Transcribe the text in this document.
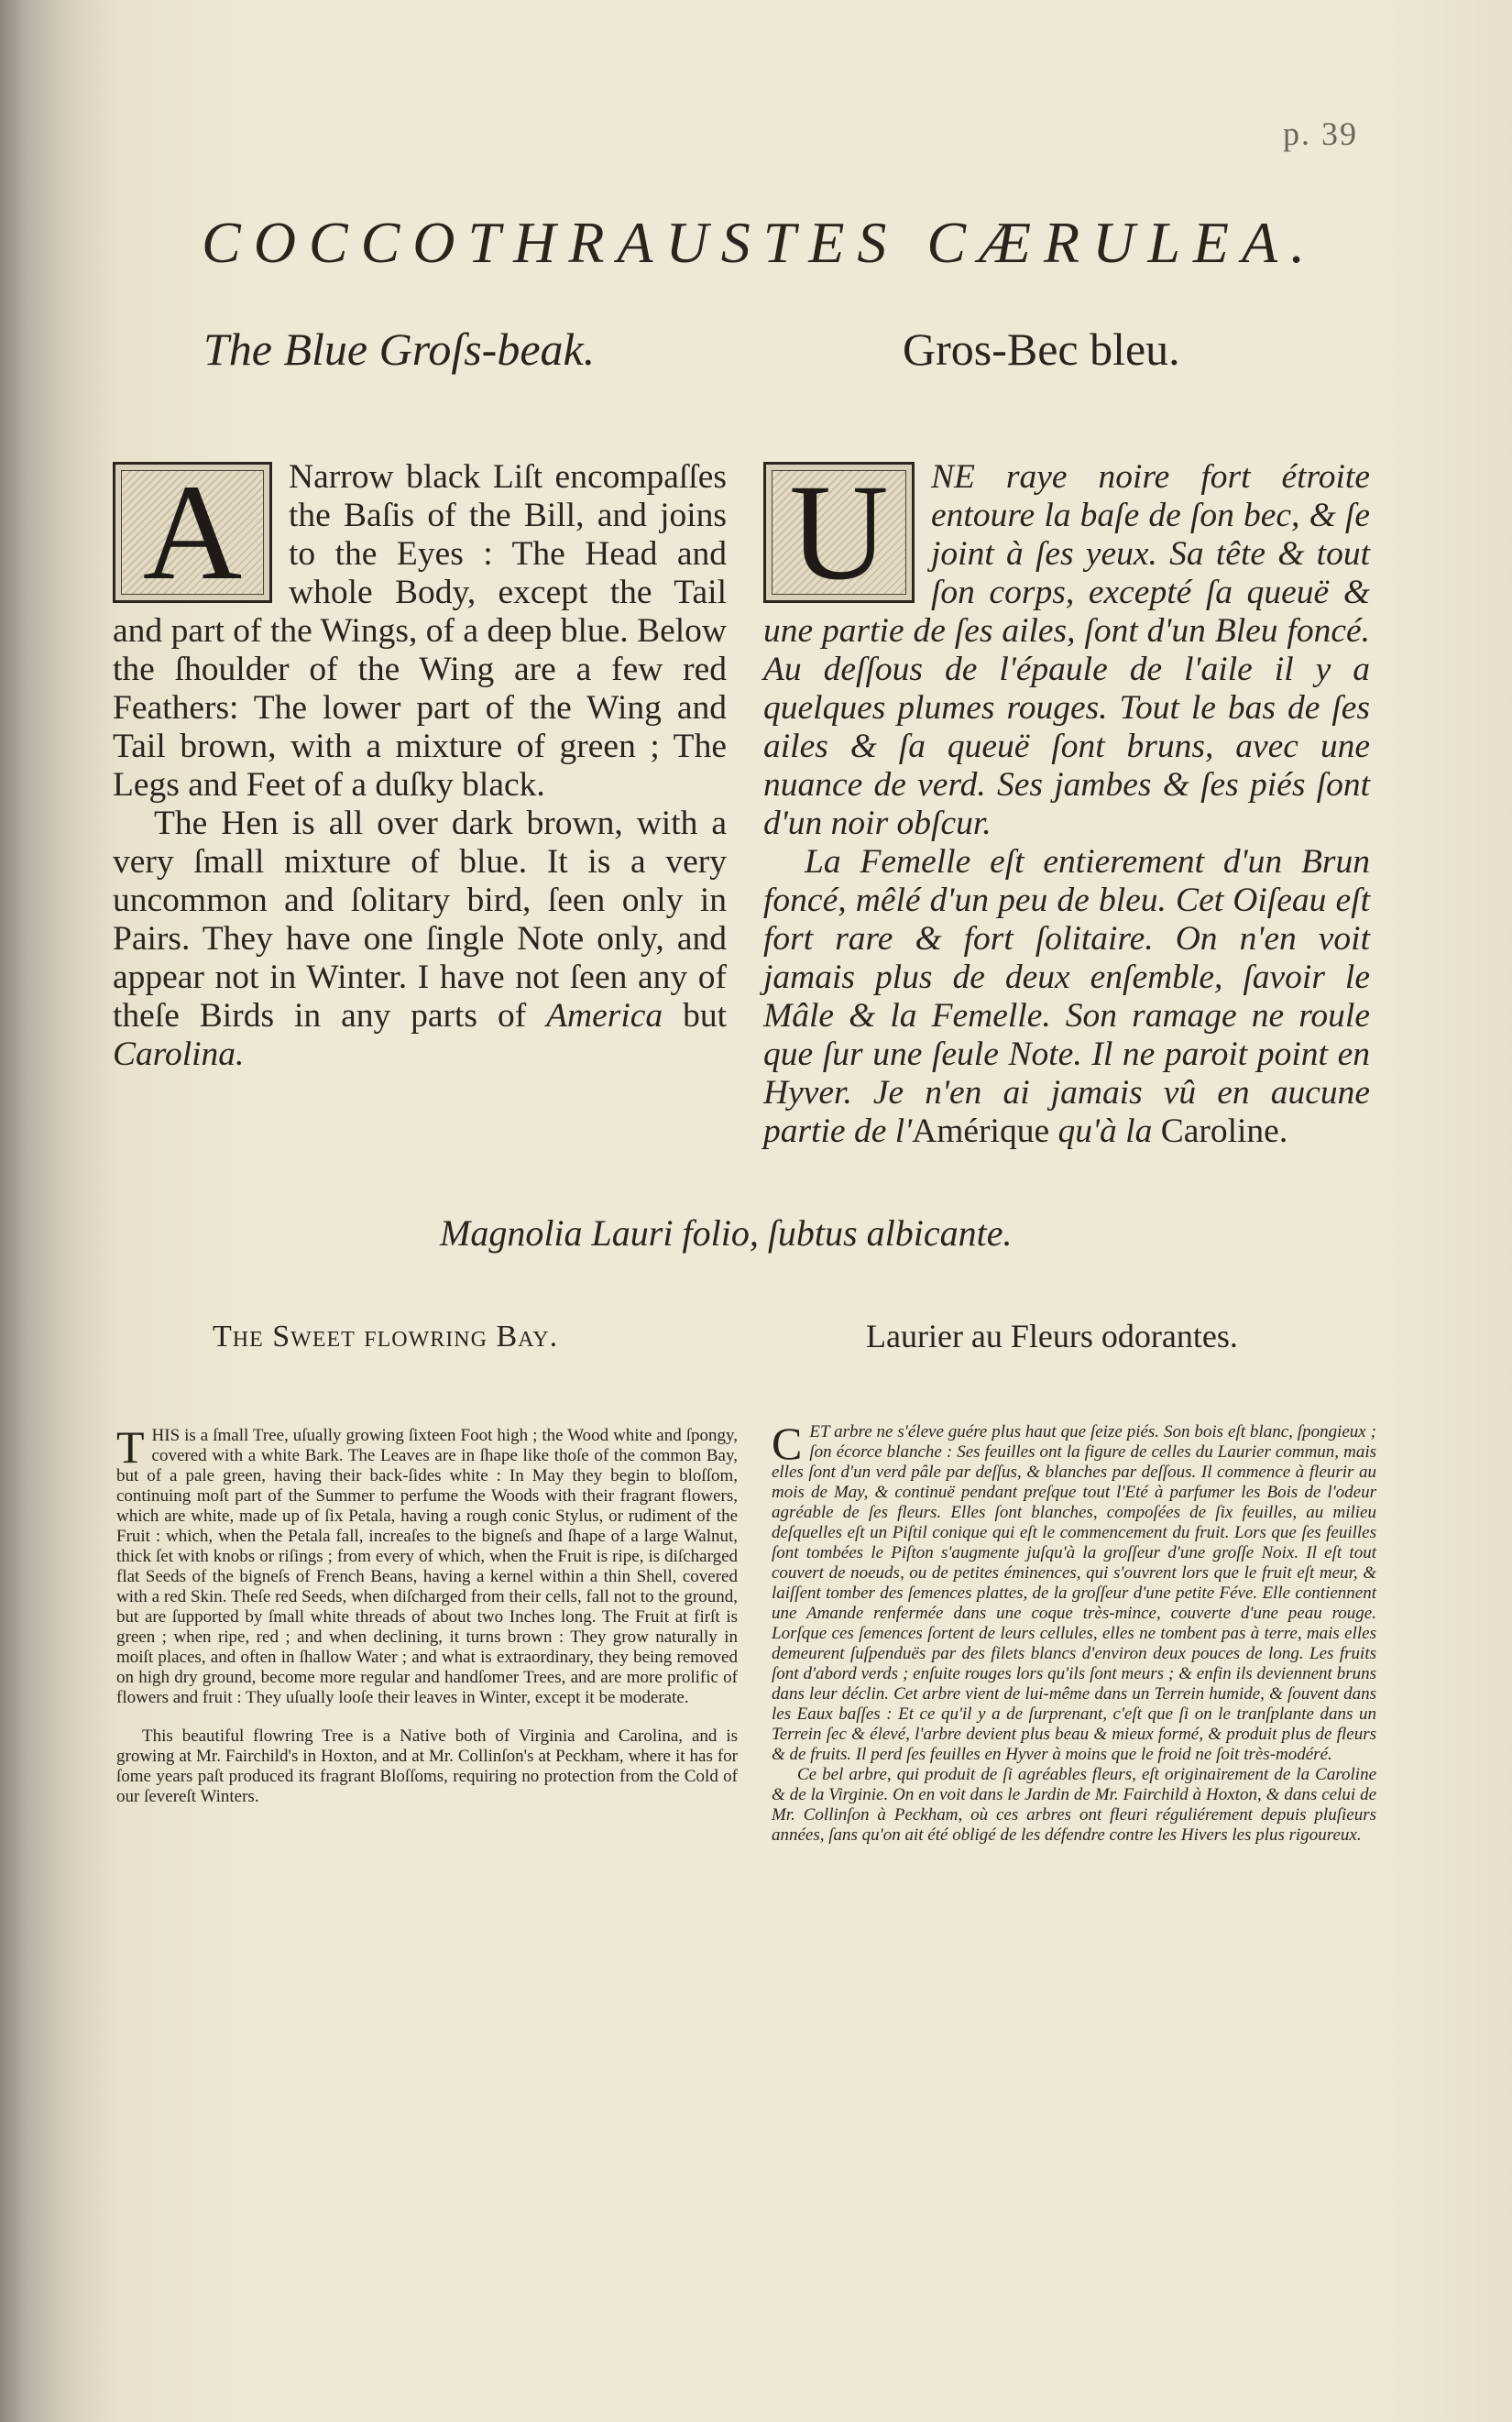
p. 39
COCCOTHRAUSTES CÆRULEA.
The Blue Groſs-beak.	Gros-Bec bleu.
A	Narrow black Liſt encompaſſes the Baſis of the Bill, and joins to the Eyes : The Head and whole Body, except the Tail and part of the Wings, of a deep blue. Below the ſhoulder of the Wing are a few red Feathers: The lower part of the Wing and Tail brown, with a mixture of green ; The Legs and Feet of a duſky black.

The Hen is all over dark brown, with a very ſmall mixture of blue. It is a very uncommon and ſolitary bird, ſeen only in Pairs. They have one ſingle Note only, and appear not in Winter. I have not ſeen any of theſe Birds in any parts of America but Carolina.

U	NE raye noire fort étroite entoure la baſe de ſon bec, & ſe joint à ſes yeux. Sa tête & tout ſon corps, excepté ſa queuë & une partie de ſes ailes, ſont d'un Bleu foncé. Au deſſous de l'épaule de l'aile il y a quelques plumes rouges. Tout le bas de ſes ailes & ſa queuë ſont bruns, avec une nuance de verd. Ses jambes & ſes piés ſont d'un noir obſcur.

La Femelle eſt entierement d'un Brun foncé, mêlé d'un peu de bleu. Cet Oiſeau eſt fort rare & fort ſolitaire. On n'en voit jamais plus de deux enſemble, ſavoir le Mâle & la Femelle. Son ramage ne roule que ſur une ſeule Note. Il ne paroit point en Hyver. Je n'en ai jamais vû en aucune partie de l'Amérique qu'à la Caroline.

Magnolia Lauri folio, ſubtus albicante.
The Sweet flowring Bay.	Laurier au Fleurs odorantes.
T HIS is a ſmall Tree, uſually growing ſixteen Foot high ; the Wood white and ſpongy, covered with a white Bark. The Leaves are in ſhape like thoſe of the common Bay, but of a pale green, having their back-ſides white : In May they begin to bloſſom, continuing moſt part of the Summer to perfume the Woods with their fragrant flowers, which are white, made up of ſix Petala, having a rough conic Stylus, or rudiment of the Fruit : which, when the Petala fall, increaſes to the bigneſs and ſhape of a large Walnut, thick ſet with knobs or riſings ; from every of which, when the Fruit is ripe, is diſcharged flat Seeds of the bigneſs of French Beans, having a kernel within a thin Shell, covered with a red Skin. Theſe red Seeds, when diſcharged from their cells, fall not to the ground, but are ſupported by ſmall white threads of about two Inches long. The Fruit at firſt is green ; when ripe, red ; and when declining, it turns brown : They grow naturally in moiſt places, and often in ſhallow Water ; and what is extraordinary, they being removed on high dry ground, become more regular and handſomer Trees, and are more prolific of flowers and fruit : They uſually looſe their leaves in Winter, except it be moderate.

This beautiful flowring Tree is a Native both of Virginia and Carolina, and is growing at Mr. Fairchild's in Hoxton, and at Mr. Collinſon's at Peckham, where it has for ſome years paſt produced its fragrant Bloſſoms, requiring no protection from the Cold of our ſevereſt Winters.

C ET arbre ne s'éleve guére plus haut que ſeize piés. Son bois eſt blanc, ſpongieux ; ſon écorce blanche : Ses feuilles ont la figure de celles du Laurier commun, mais elles ſont d'un verd pâle par deſſus, & blanches par deſſous. Il commence à fleurir au mois de May, & continuë pendant preſque tout l'Eté à parfumer les Bois de l'odeur agréable de ſes fleurs. Elles ſont blanches, compoſées de ſix feuilles, au milieu deſquelles eſt un Piſtil conique qui eſt le commencement du fruit. Lors que ſes feuilles ſont tombées le Piſton s'augmente juſqu'à la groſſeur d'une groſſe Noix. Il eſt tout couvert de noeuds, ou de petites éminences, qui s'ouvrent lors que le fruit eſt meur, & laiſſent tomber des ſemences plattes, de la groſſeur d'une petite Féve. Elle contiennent une Amande renfermée dans une coque très-mince, couverte d'une peau rouge. Lorſque ces ſemences ſortent de leurs cellules, elles ne tombent pas à terre, mais elles demeurent ſuſpenduës par des filets blancs d'environ deux pouces de long. Les fruits ſont d'abord verds ; enſuite rouges lors qu'ils ſont meurs ; & enfin ils deviennent bruns dans leur déclin. Cet arbre vient de lui-même dans un Terrein humide, & ſouvent dans les Eaux baſſes : Et ce qu'il y a de ſurprenant, c'eſt que ſi on le tranſplante dans un Terrein ſec & élevé, l'arbre devient plus beau & mieux formé, & produit plus de fleurs & de fruits. Il perd ſes feuilles en Hyver à moins que le froid ne ſoit très-modéré.

Ce bel arbre, qui produit de ſi agréables fleurs, eſt originairement de la Caroline & de la Virginie. On en voit dans le Jardin de Mr. Fairchild à Hoxton, & dans celui de Mr. Collinſon à Peckham, où ces arbres ont fleuri réguliérement depuis pluſieurs années, ſans qu'on ait été obligé de les défendre contre les Hivers les plus rigoureux.
